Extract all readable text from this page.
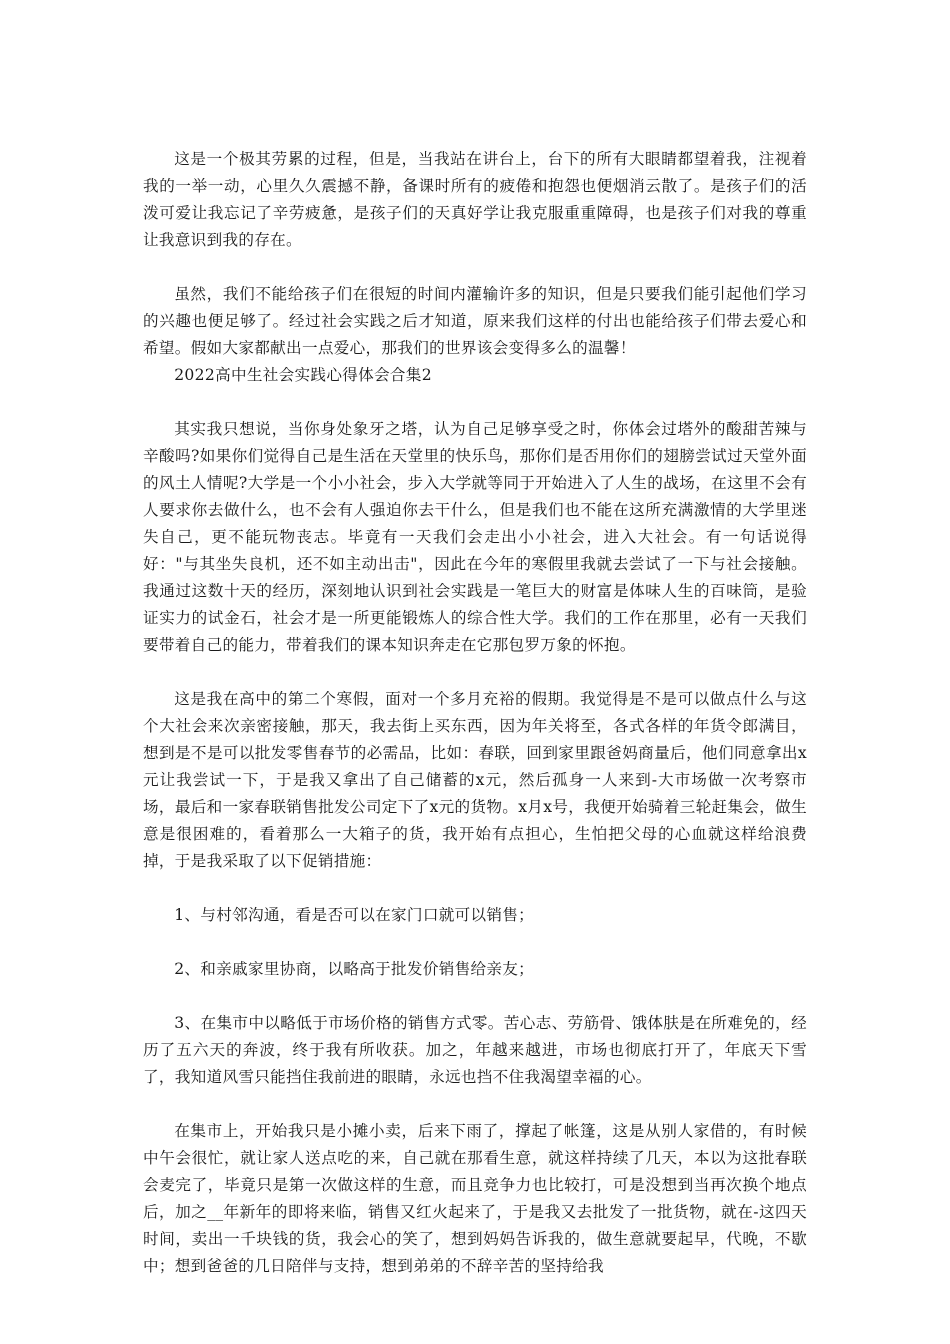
这是一个极其劳累的过程，但是，当我站在讲台上，台下的所有大眼睛都望着我，注视着我的一举一动，心里久久震撼不静，备课时所有的疲倦和抱怨也便烟消云散了。是孩子们的活泼可爱让我忘记了辛劳疲惫，是孩子们的天真好学让我克服重重障碍，也是孩子们对我的尊重让我意识到我的存在。

虽然，我们不能给孩子们在很短的时间内灌输许多的知识，但是只要我们能引起他们学习的兴趣也便足够了。经过社会实践之后才知道，原来我们这样的付出也能给孩子们带去爱心和希望。假如大家都献出一点爱心，那我们的世界该会变得多么的温馨！

2022高中生社会实践心得体会合集2

其实我只想说，当你身处象牙之塔，认为自己足够享受之时，你体会过塔外的酸甜苦辣与辛酸吗?如果你们觉得自己是生活在天堂里的快乐鸟，那你们是否用你们的翅膀尝试过天堂外面的风土人情呢?大学是一个小小社会，步入大学就等同于开始进入了人生的战场，在这里不会有人要求你去做什么，也不会有人强迫你去干什么，但是我们也不能在这所充满激情的大学里迷失自己，更不能玩物丧志。毕竟有一天我们会走出小小社会，进入大社会。有一句话说得好："与其坐失良机，还不如主动出击"，因此在今年的寒假里我就去尝试了一下与社会接触。我通过这数十天的经历，深刻地认识到社会实践是一笔巨大的财富是体味人生的百味筒，是验证实力的试金石，社会才是一所更能锻炼人的综合性大学。我们的工作在那里，必有一天我们要带着自己的能力，带着我们的课本知识奔走在它那包罗万象的怀抱。

这是我在高中的第二个寒假，面对一个多月充裕的假期。我觉得是不是可以做点什么与这个大社会来次亲密接触，那天，我去街上买东西，因为年关将至，各式各样的年货令郎满目，想到是不是可以批发零售春节的必需品，比如：春联，回到家里跟爸妈商量后，他们同意拿出x元让我尝试一下，于是我又拿出了自己储蓄的x元，然后孤身一人来到-大市场做一次考察市场，最后和一家春联销售批发公司定下了x元的货物。x月x号，我便开始骑着三轮赶集会，做生意是很困难的，看着那么一大箱子的货，我开始有点担心，生怕把父母的心血就这样给浪费掉，于是我采取了以下促销措施：

1、与村邻沟通，看是否可以在家门口就可以销售；

2、和亲戚家里协商，以略高于批发价销售给亲友；

3、在集市中以略低于市场价格的销售方式零。苦心志、劳筋骨、饿体肤是在所难免的，经历了五六天的奔波，终于我有所收获。加之，年越来越进，市场也彻底打开了，年底天下雪了，我知道风雪只能挡住我前进的眼睛，永远也挡不住我渴望幸福的心。

在集市上，开始我只是小摊小卖，后来下雨了，撑起了帐篷，这是从别人家借的，有时候中午会很忙，就让家人送点吃的来，自己就在那看生意，就这样持续了几天，本以为这批春联会麦完了，毕竟只是第一次做这样的生意，而且竞争力也比较打，可是没想到当再次换个地点后，加之__年新年的即将来临，销售又红火起来了，于是我又去批发了一批货物，就在-这四天时间，卖出一千块钱的货，我会心的笑了，想到妈妈告诉我的，做生意就要起早，代晚，不歇中；想到爸爸的几日陪伴与支持，想到弟弟的不辞辛苦的坚持给我
